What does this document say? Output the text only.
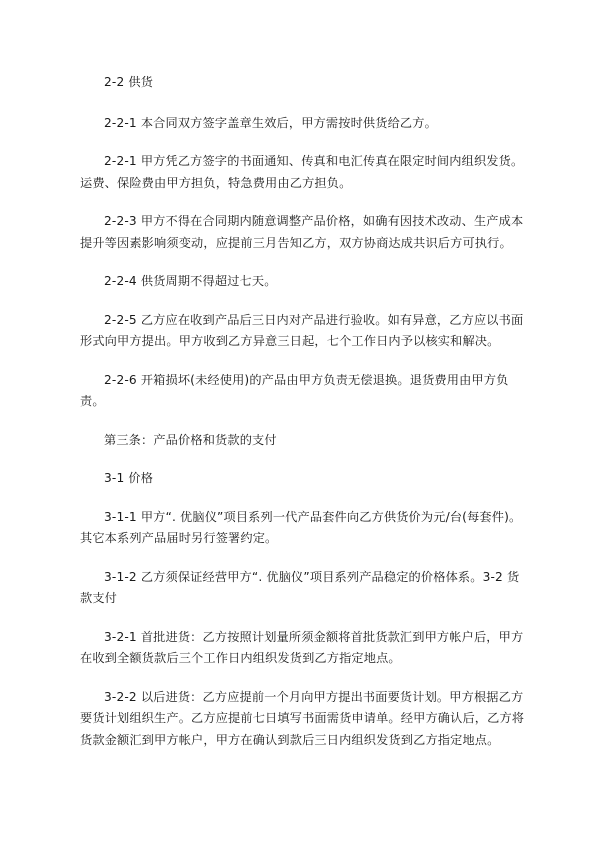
2-2 供货

2-2-1 本合同双方签字盖章生效后，甲方需按时供货给乙方。

2-2-1 甲方凭乙方签字的书面通知、传真和电汇传真在限定时间内组织发货。运费、保险费由甲方担负，特急费用由乙方担负。

2-2-3 甲方不得在合同期内随意调整产品价格，如确有因技术改动、生产成本提升等因素影响须变动，应提前三月告知乙方，双方协商达成共识后方可执行。

2-2-4 供货周期不得超过七天。

2-2-5 乙方应在收到产品后三日内对产品进行验收。如有异意，乙方应以书面形式向甲方提出。甲方收到乙方异意三日起，七个工作日内予以核实和解决。

2-2-6 开箱损坏(未经使用)的产品由甲方负责无偿退换。退货费用由甲方负责。

第三条：产品价格和货款的支付

3-1 价格

3-1-1 甲方“. 优脑仪”项目系列一代产品套件向乙方供货价为元/台(每套件)。其它本系列产品届时另行签署约定。

3-1-2 乙方须保证经营甲方“. 优脑仪”项目系列产品稳定的价格体系。3-2 货款支付

3-2-1 首批进货：乙方按照计划量所须金额将首批货款汇到甲方帐户后，甲方在收到全额货款后三个工作日内组织发货到乙方指定地点。

3-2-2 以后进货：乙方应提前一个月向甲方提出书面要货计划。甲方根据乙方要货计划组织生产。乙方应提前七日填写书面需货申请单。经甲方确认后，乙方将货款金额汇到甲方帐户，甲方在确认到款后三日内组织发货到乙方指定地点。
